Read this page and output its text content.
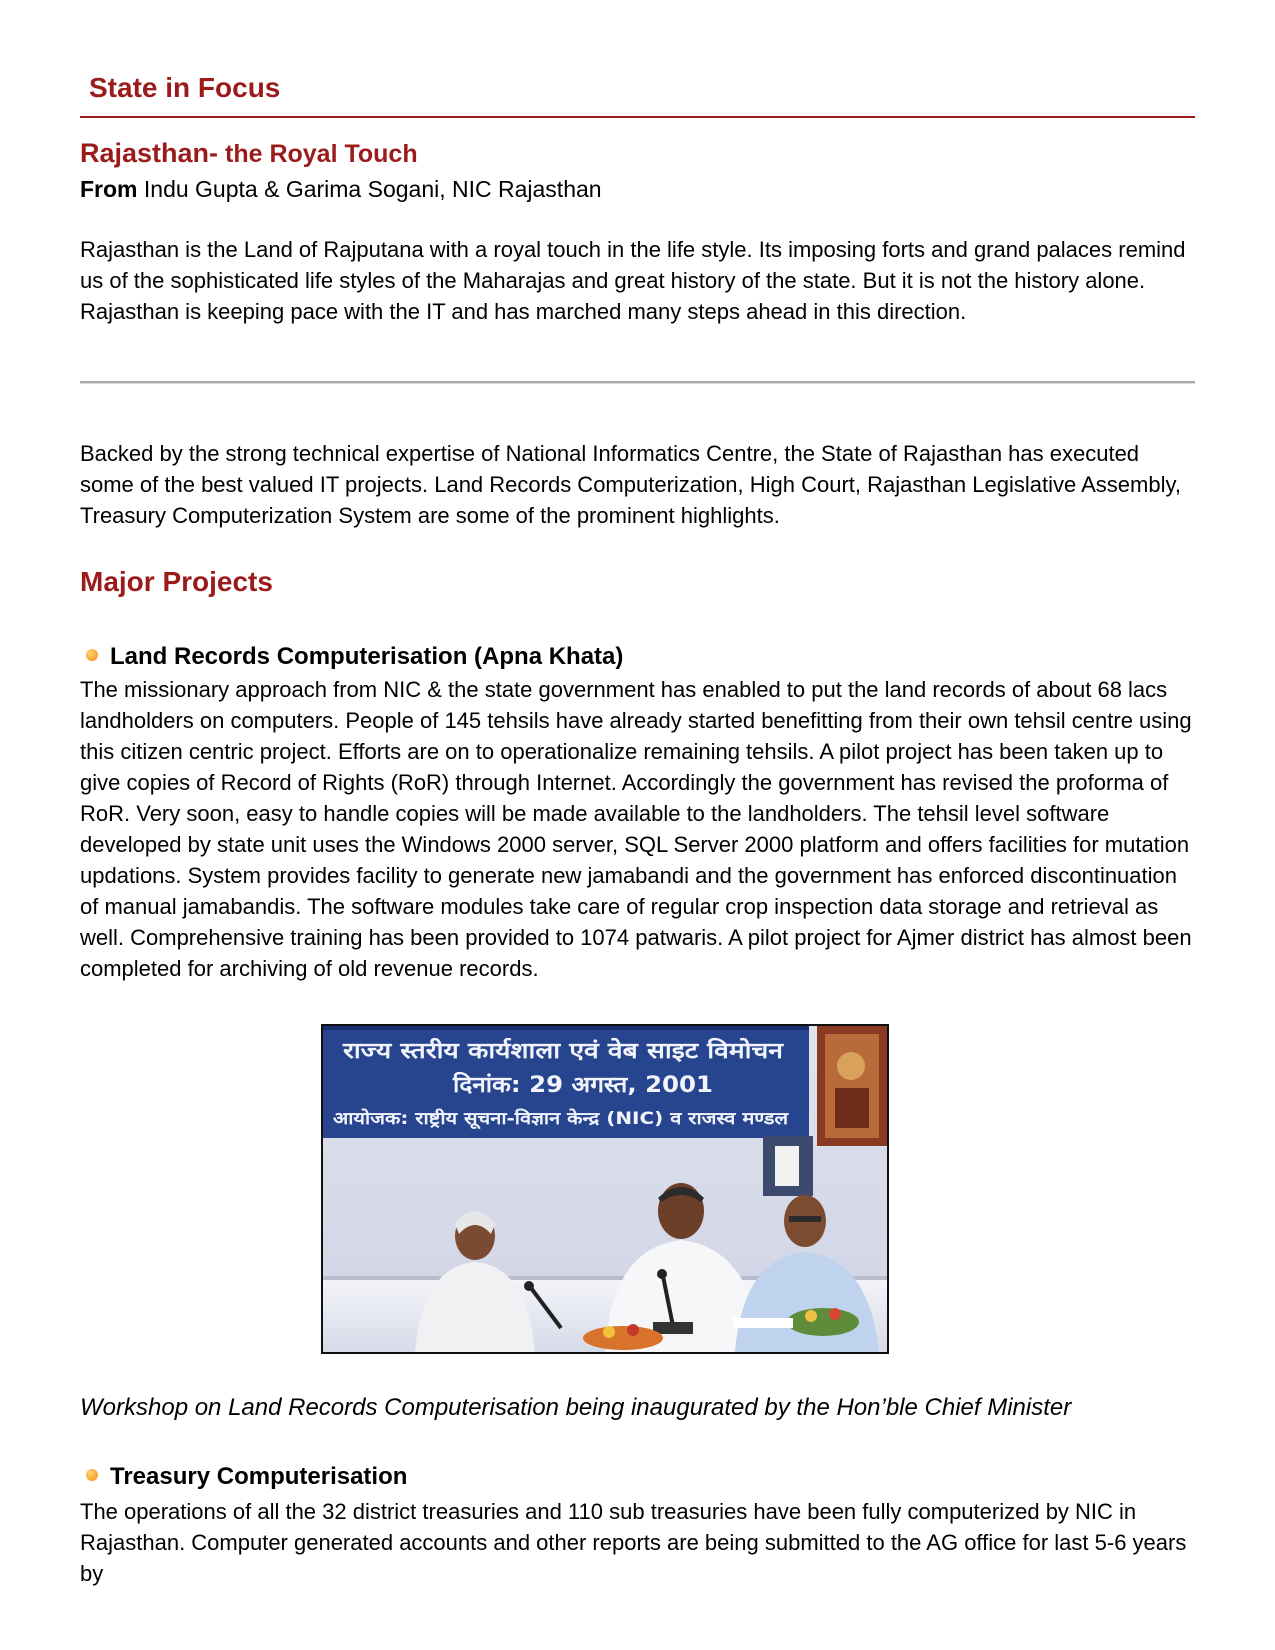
State in Focus
Rajasthan- the Royal Touch
From Indu Gupta & Garima Sogani, NIC Rajasthan

Rajasthan is the Land of Rajputana with a royal touch in the life style. Its imposing forts and grand palaces remind us of the sophisticated life styles of the Maharajas and great history of the state. But it is not the history alone. Rajasthan is keeping pace with the IT and has marched many steps ahead in this direction.

Backed by the strong technical expertise of National Informatics Centre, the State of Rajasthan has executed some of the best valued IT projects. Land Records Computerization, High Court, Rajasthan Legislative Assembly, Treasury Computerization System are some of the prominent highlights.

Major Projects
Land Records Computerisation (Apna Khata)

The missionary approach from NIC & the state government has enabled to put the land records of about 68 lacs landholders on computers. People of 145 tehsils have already started benefitting from their own tehsil centre using this citizen centric project. Efforts are on to operationalize remaining tehsils. A pilot project has been taken up to give copies of Record of Rights (RoR) through Internet. Accordingly the government has revised the proforma of RoR. Very soon, easy to handle copies will be made available to the landholders. The tehsil level software developed by state unit uses the Windows 2000 server, SQL Server 2000 platform and offers facilities for mutation updations. System provides facility to generate new jamabandi and the government has enforced discontinuation of manual jamabandis. The software modules take care of regular crop inspection data storage and retrieval as well. Comprehensive training has been provided to 1074 patwaris. A pilot project for Ajmer district has almost been completed for archiving of old revenue records.

राज्य स्तरीय कार्यशाला एवं वेब साइट विमोचन
दिनांक: 29 अगस्त, 2001
आयोजक: राष्ट्रीय सूचना-विज्ञान केन्द्र (NIC) व राजस्व मण्डल

Workshop on Land Records Computerisation being inaugurated by the Hon’ble Chief Minister

Treasury Computerisation

The operations of all the 32 district treasuries and 110 sub treasuries have been fully computerized by NIC in Rajasthan. Computer generated accounts and other reports are being submitted to the AG office for last 5-6 years by
